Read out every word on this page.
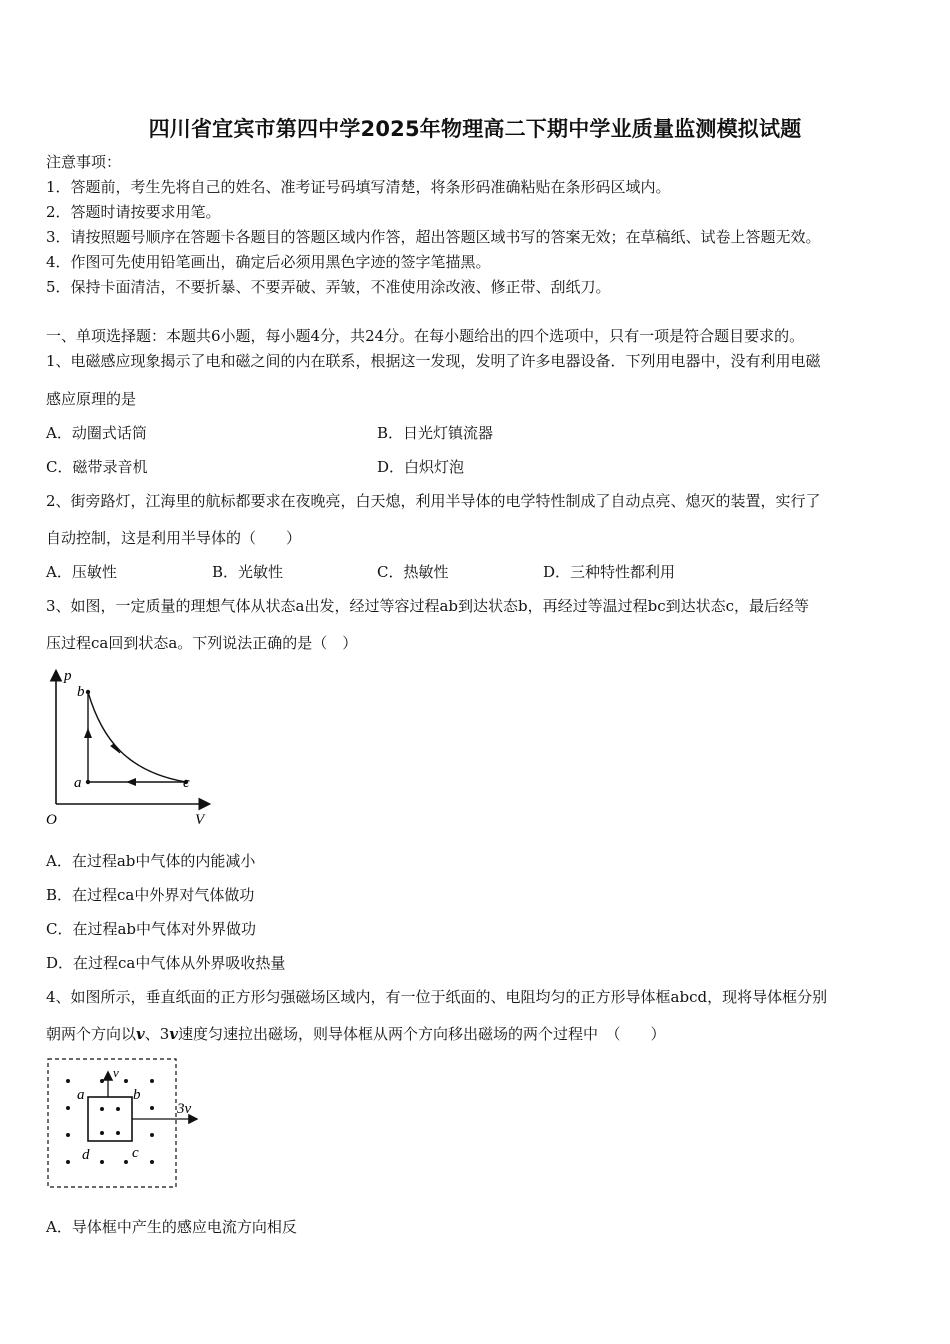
四川省宜宾市第四中学2025年物理高二下期中学业质量监测模拟试题
注意事项：
1．答题前，考生先将自己的姓名、准考证号码填写清楚，将条形码准确粘贴在条形码区域内。
2．答题时请按要求用笔。
3．请按照题号顺序在答题卡各题目的答题区域内作答，超出答题区域书写的答案无效；在草稿纸、试卷上答题无效。
4．作图可先使用铅笔画出，确定后必须用黑色字迹的签字笔描黑。
5．保持卡面清洁，不要折暴、不要弄破、弄皱，不准使用涂改液、修正带、刮纸刀。
一、单项选择题：本题共6小题，每小题4分，共24分。在每小题给出的四个选项中，只有一项是符合题目要求的。
1、电磁感应现象揭示了电和磁之间的内在联系，根据这一发现，发明了许多电器设备．下列用电器中，没有利用电磁
感应原理的是
A．动圈式话筒	B．日光灯镇流器
C．磁带录音机	D．白炽灯泡
2、街旁路灯，江海里的航标都要求在夜晚亮，白天熄，利用半导体的电学特性制成了自动点亮、熄灭的装置，实行了
自动控制，这是利用半导体的（　　）
A．压敏性	B．光敏性	C．热敏性	D．三种特性都利用
3、如图，一定质量的理想气体从状态a出发，经过等容过程ab到达状态b，再经过等温过程bc到达状态c，最后经等
压过程ca回到状态a。下列说法正确的是（　）
p
V
O
a
b
c
A．在过程ab中气体的内能减小
B．在过程ca中外界对气体做功
C．在过程ab中气体对外界做功
D．在过程ca中气体从外界吸收热量
4、如图所示，垂直纸面的正方形匀强磁场区域内，有一位于纸面的、电阻均匀的正方形导体框abcd，现将导体框分别
朝两个方向以v、3v速度匀速拉出磁场，则导体框从两个方向移出磁场的两个过程中　（　　）
v
3v
a	b
d	c
A．导体框中产生的感应电流方向相反
